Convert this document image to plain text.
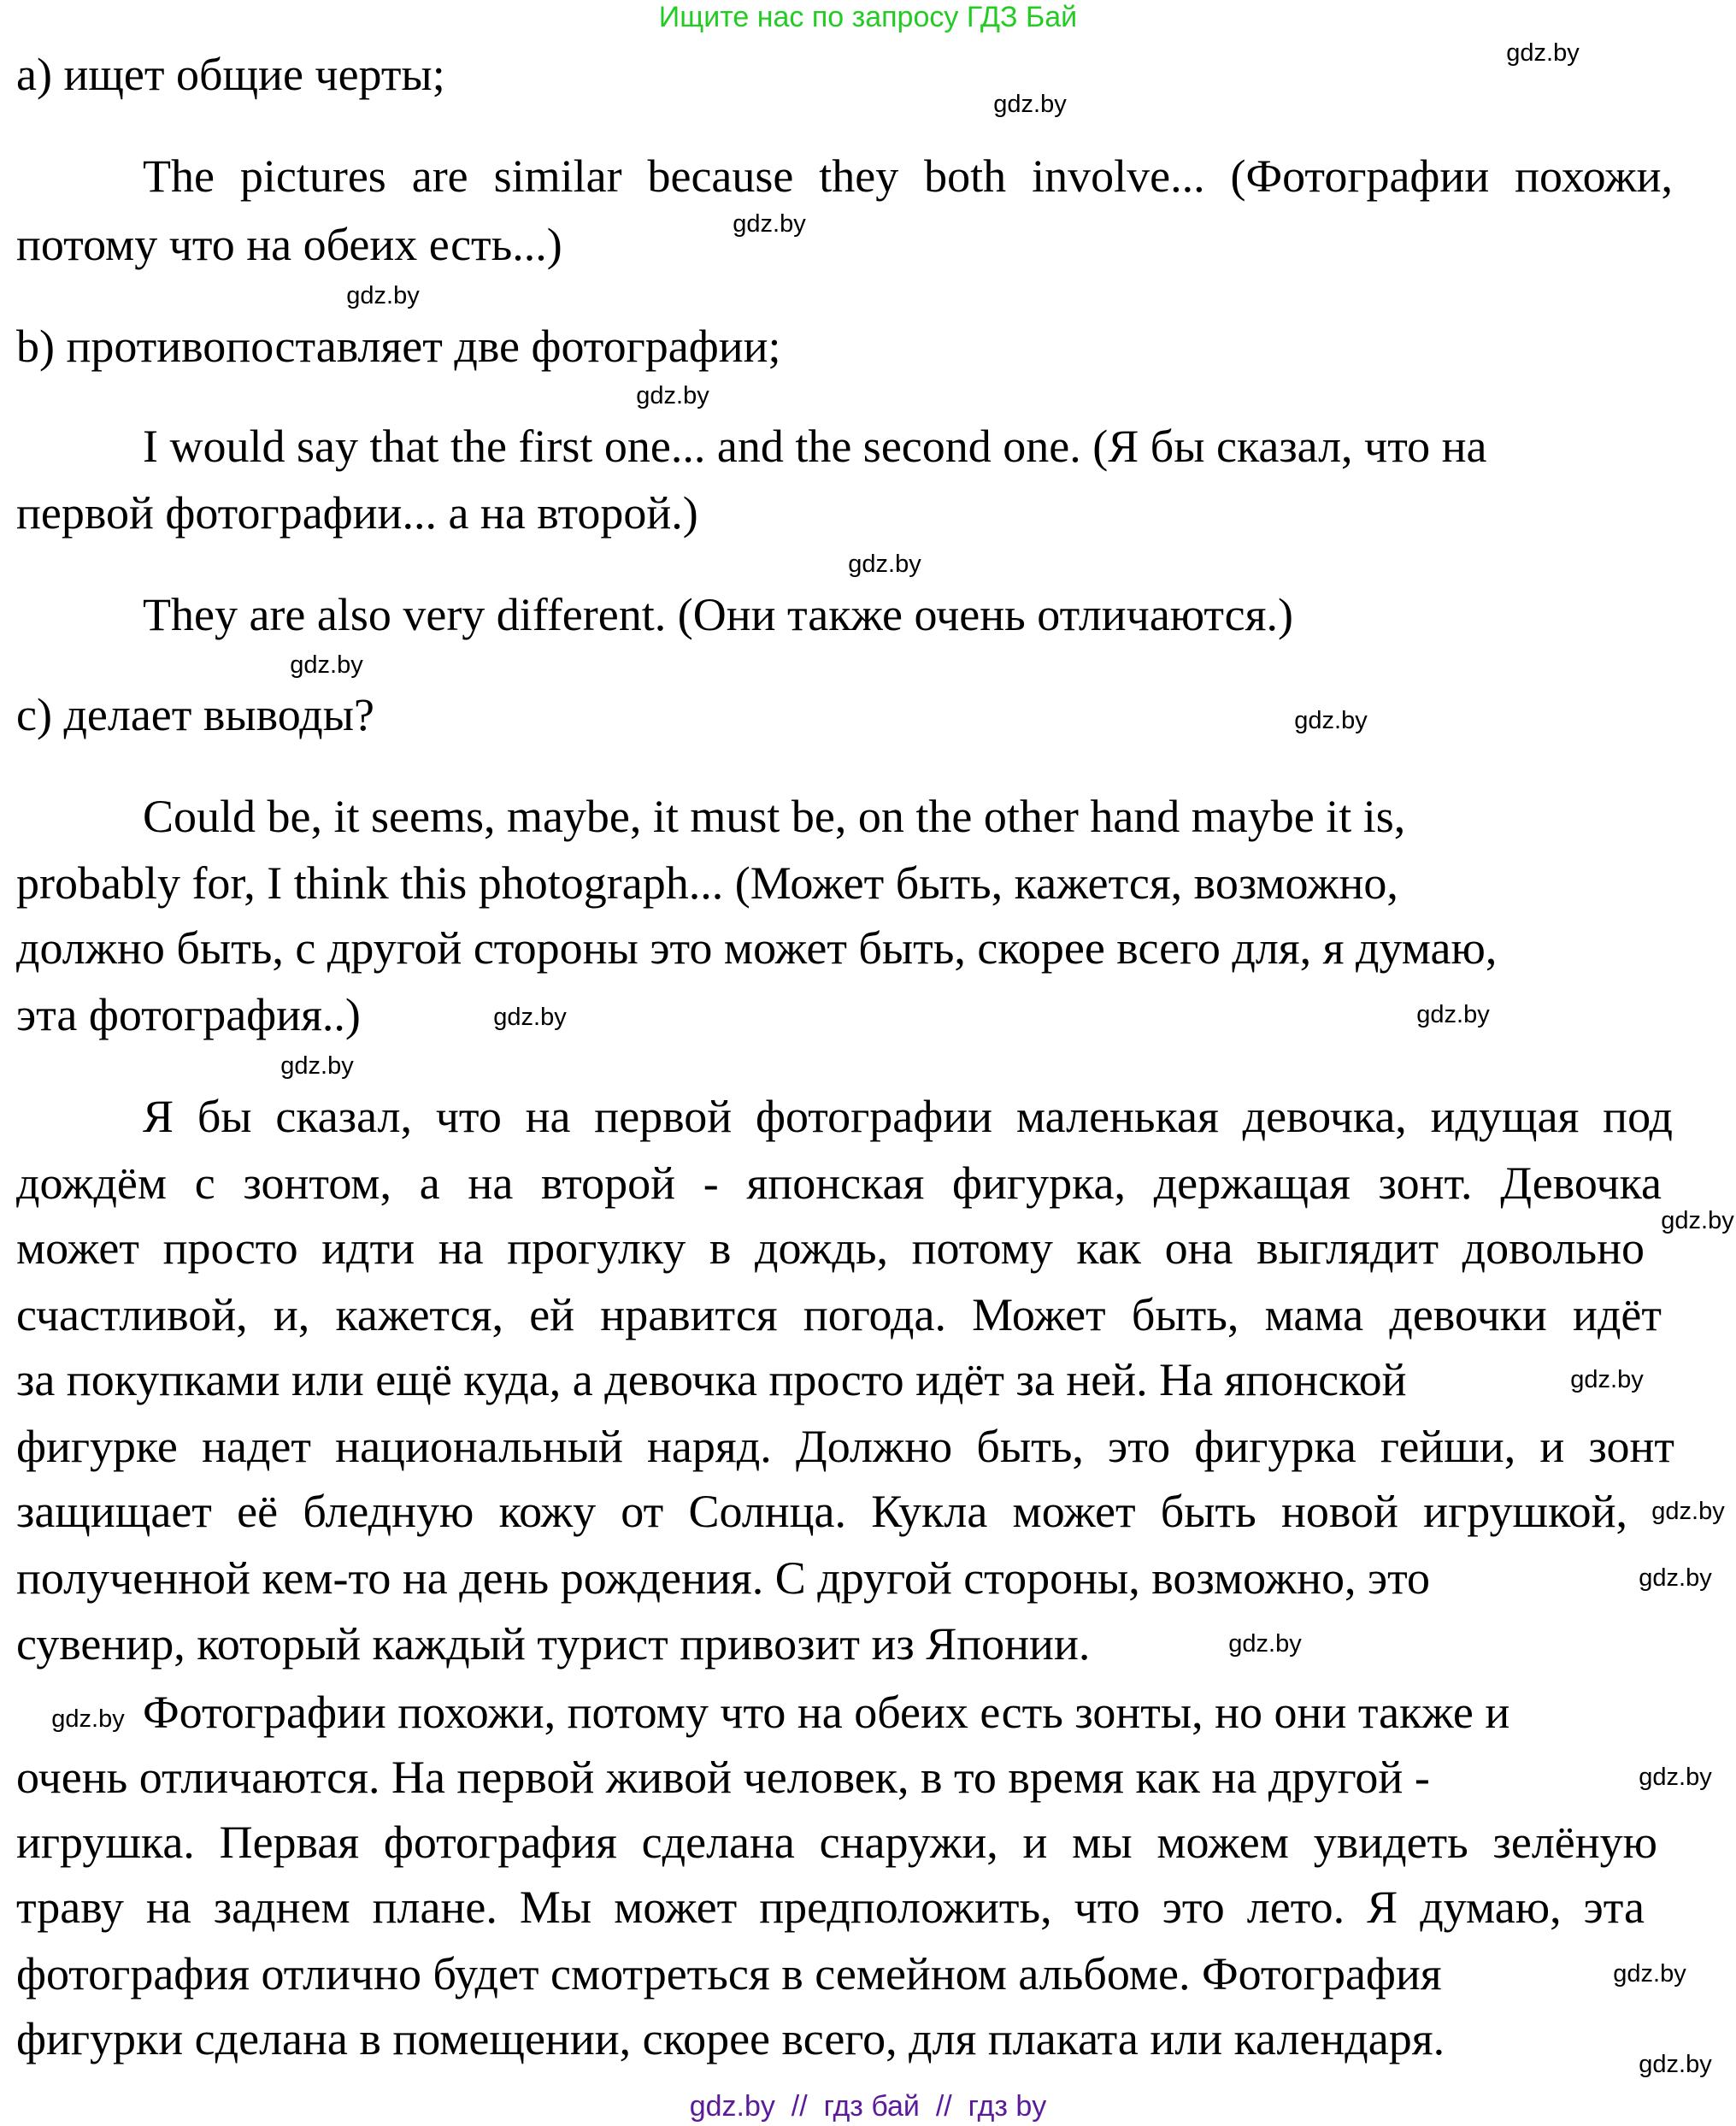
Ищите нас по запросу ГДЗ Бай
a) ищет общие черты;
The pictures are similar because they both involve... (Фотографии похожи,
потому что на обеих есть...)
b) противопоставляет две фотографии;
I would say that the first one... and the second one. (Я бы сказал, что на
первой фотографии... а на второй.)
They are also very different. (Они также очень отличаются.)
c) делает выводы?
Could be, it seems, maybe, it must be, on the other hand maybe it is,
probably for, I think this photograph... (Может быть, кажется, возможно,
должно быть, с другой стороны это может быть, скорее всего для, я думаю,
эта фотография..)
Я бы сказал, что на первой фотографии маленькая девочка, идущая под
дождём с зонтом, а на второй - японская фигурка, держащая зонт. Девочка
может просто идти на прогулку в дождь, потому как она выглядит довольно
счастливой, и, кажется, ей нравится погода. Может быть, мама девочки идёт
за покупками или ещё куда, а девочка просто идёт за ней. На японской
фигурке надет национальный наряд. Должно быть, это фигурка гейши, и зонт
защищает её бледную кожу от Солнца. Кукла может быть новой игрушкой,
полученной кем-то на день рождения. С другой стороны, возможно, это
сувенир, который каждый турист привозит из Японии.
Фотографии похожи, потому что на обеих есть зонты, но они также и
очень отличаются. На первой живой человек, в то время как на другой -
игрушка. Первая фотография сделана снаружи, и мы можем увидеть зелёную
траву на заднем плане. Мы может предположить, что это лето. Я думаю, эта
фотография отлично будет смотреться в семейном альбоме. Фотография
фигурки сделана в помещении, скорее всего, для плаката или календаря.
gdz.by
gdz.by
gdz.by
gdz.by
gdz.by
gdz.by
gdz.by
gdz.by
gdz.by
gdz.by
gdz.by
gdz.by
gdz.by
gdz.by
gdz.by
gdz.by
gdz.by
gdz.by
gdz.by
gdz.by
gdz.by  //  гдз бай  //  гдз by
